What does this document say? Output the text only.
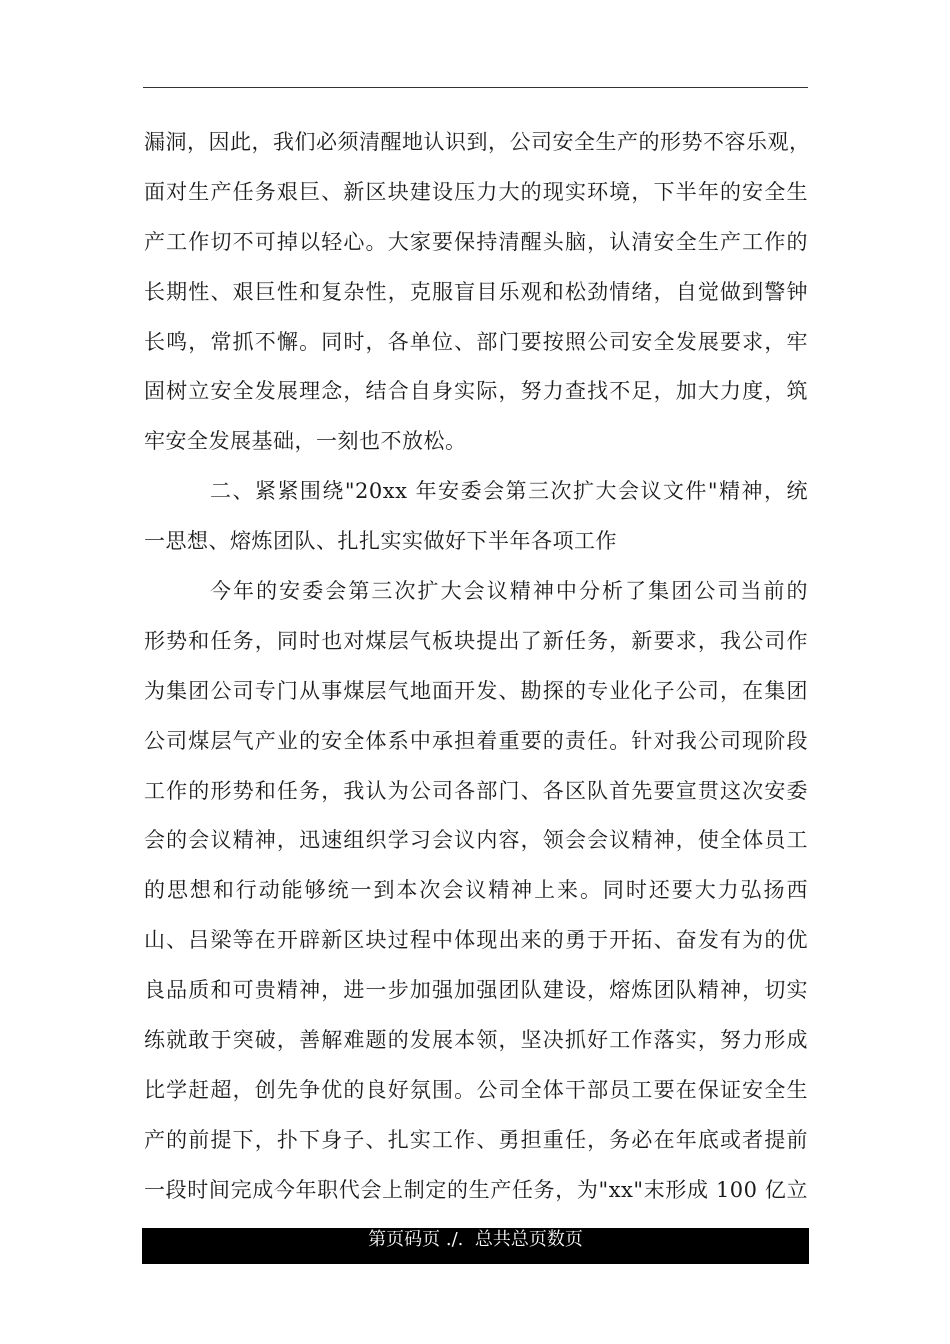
漏洞，因此，我们必须清醒地认识到，公司安全生产的形势不容乐观，
面对生产任务艰巨、新区块建设压力大的现实环境，下半年的安全生
产工作切不可掉以轻心。大家要保持清醒头脑，认清安全生产工作的
长期性、艰巨性和复杂性，克服盲目乐观和松劲情绪，自觉做到警钟
长鸣，常抓不懈。同时，各单位、部门要按照公司安全发展要求，牢
固树立安全发展理念，结合自身实际，努力查找不足，加大力度，筑
牢安全发展基础，一刻也不放松。
二、紧紧围绕"20xx 年安委会第三次扩大会议文件"精神，统
一思想、熔炼团队、扎扎实实做好下半年各项工作
今年的安委会第三次扩大会议精神中分析了集团公司当前的
形势和任务，同时也对煤层气板块提出了新任务，新要求，我公司作
为集团公司专门从事煤层气地面开发、勘探的专业化子公司，在集团
公司煤层气产业的安全体系中承担着重要的责任。针对我公司现阶段
工作的形势和任务，我认为公司各部门、各区队首先要宣贯这次安委
会的会议精神，迅速组织学习会议内容，领会会议精神，使全体员工
的思想和行动能够统一到本次会议精神上来。同时还要大力弘扬西
山、吕梁等在开辟新区块过程中体现出来的勇于开拓、奋发有为的优
良品质和可贵精神，进一步加强加强团队建设，熔炼团队精神，切实
练就敢于突破，善解难题的发展本领，坚决抓好工作落实，努力形成
比学赶超，创先争优的良好氛围。公司全体干部员工要在保证安全生
产的前提下，扑下身子、扎实工作、勇担重任，务必在年底或者提前
一段时间完成今年职代会上制定的生产任务，为"xx"末形成 100 亿立
第页码页 ./.  总共总页数页
